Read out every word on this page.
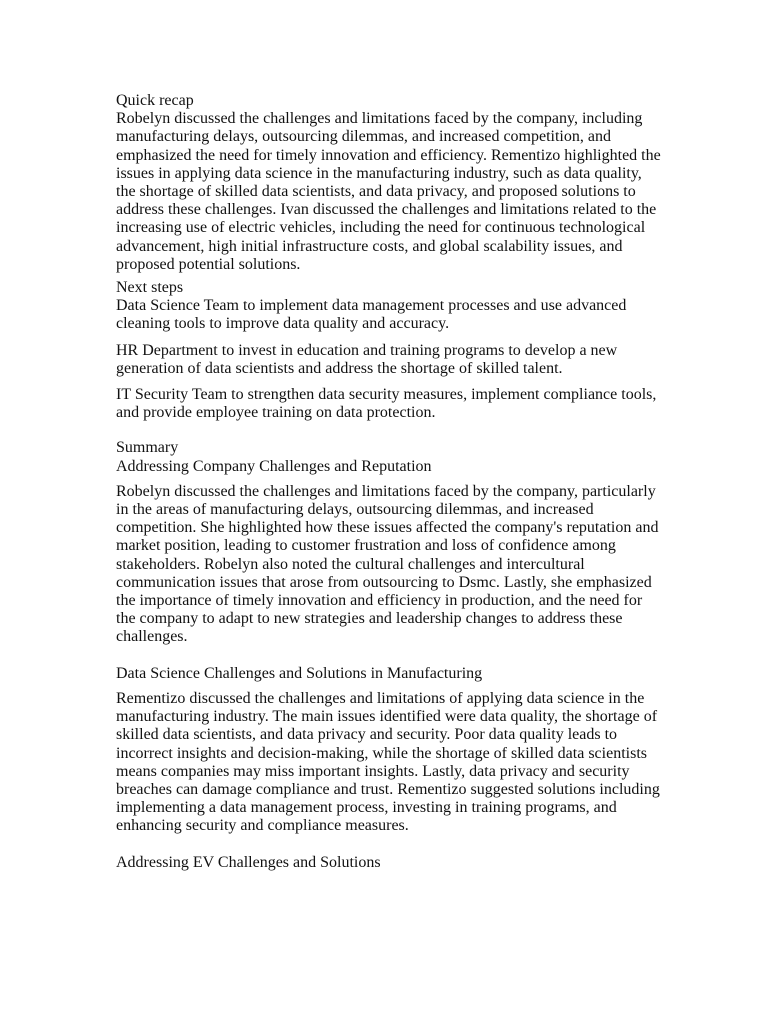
Quick recap

Robelyn discussed the challenges and limitations faced by the company, including manufacturing delays, outsourcing dilemmas, and increased competition, and emphasized the need for timely innovation and efficiency. Rementizo highlighted the issues in applying data science in the manufacturing industry, such as data quality, the shortage of skilled data scientists, and data privacy, and proposed solutions to address these challenges. Ivan discussed the challenges and limitations related to the increasing use of electric vehicles, including the need for continuous technological advancement, high initial infrastructure costs, and global scalability issues, and proposed potential solutions.

Next steps

Data Science Team to implement data management processes and use advanced cleaning tools to improve data quality and accuracy.

HR Department to invest in education and training programs to develop a new generation of data scientists and address the shortage of skilled talent.

IT Security Team to strengthen data security measures, implement compliance tools, and provide employee training on data protection.

Summary
Addressing Company Challenges and Reputation

Robelyn discussed the challenges and limitations faced by the company, particularly in the areas of manufacturing delays, outsourcing dilemmas, and increased competition. She highlighted how these issues affected the company's reputation and market position, leading to customer frustration and loss of confidence among stakeholders. Robelyn also noted the cultural challenges and intercultural communication issues that arose from outsourcing to Dsmc. Lastly, she emphasized the importance of timely innovation and efficiency in production, and the need for the company to adapt to new strategies and leadership changes to address these challenges.

Data Science Challenges and Solutions in Manufacturing

Rementizo discussed the challenges and limitations of applying data science in the manufacturing industry. The main issues identified were data quality, the shortage of skilled data scientists, and data privacy and security. Poor data quality leads to incorrect insights and decision-making, while the shortage of skilled data scientists means companies may miss important insights. Lastly, data privacy and security breaches can damage compliance and trust. Rementizo suggested solutions including implementing a data management process, investing in training programs, and enhancing security and compliance measures.

Addressing EV Challenges and Solutions
